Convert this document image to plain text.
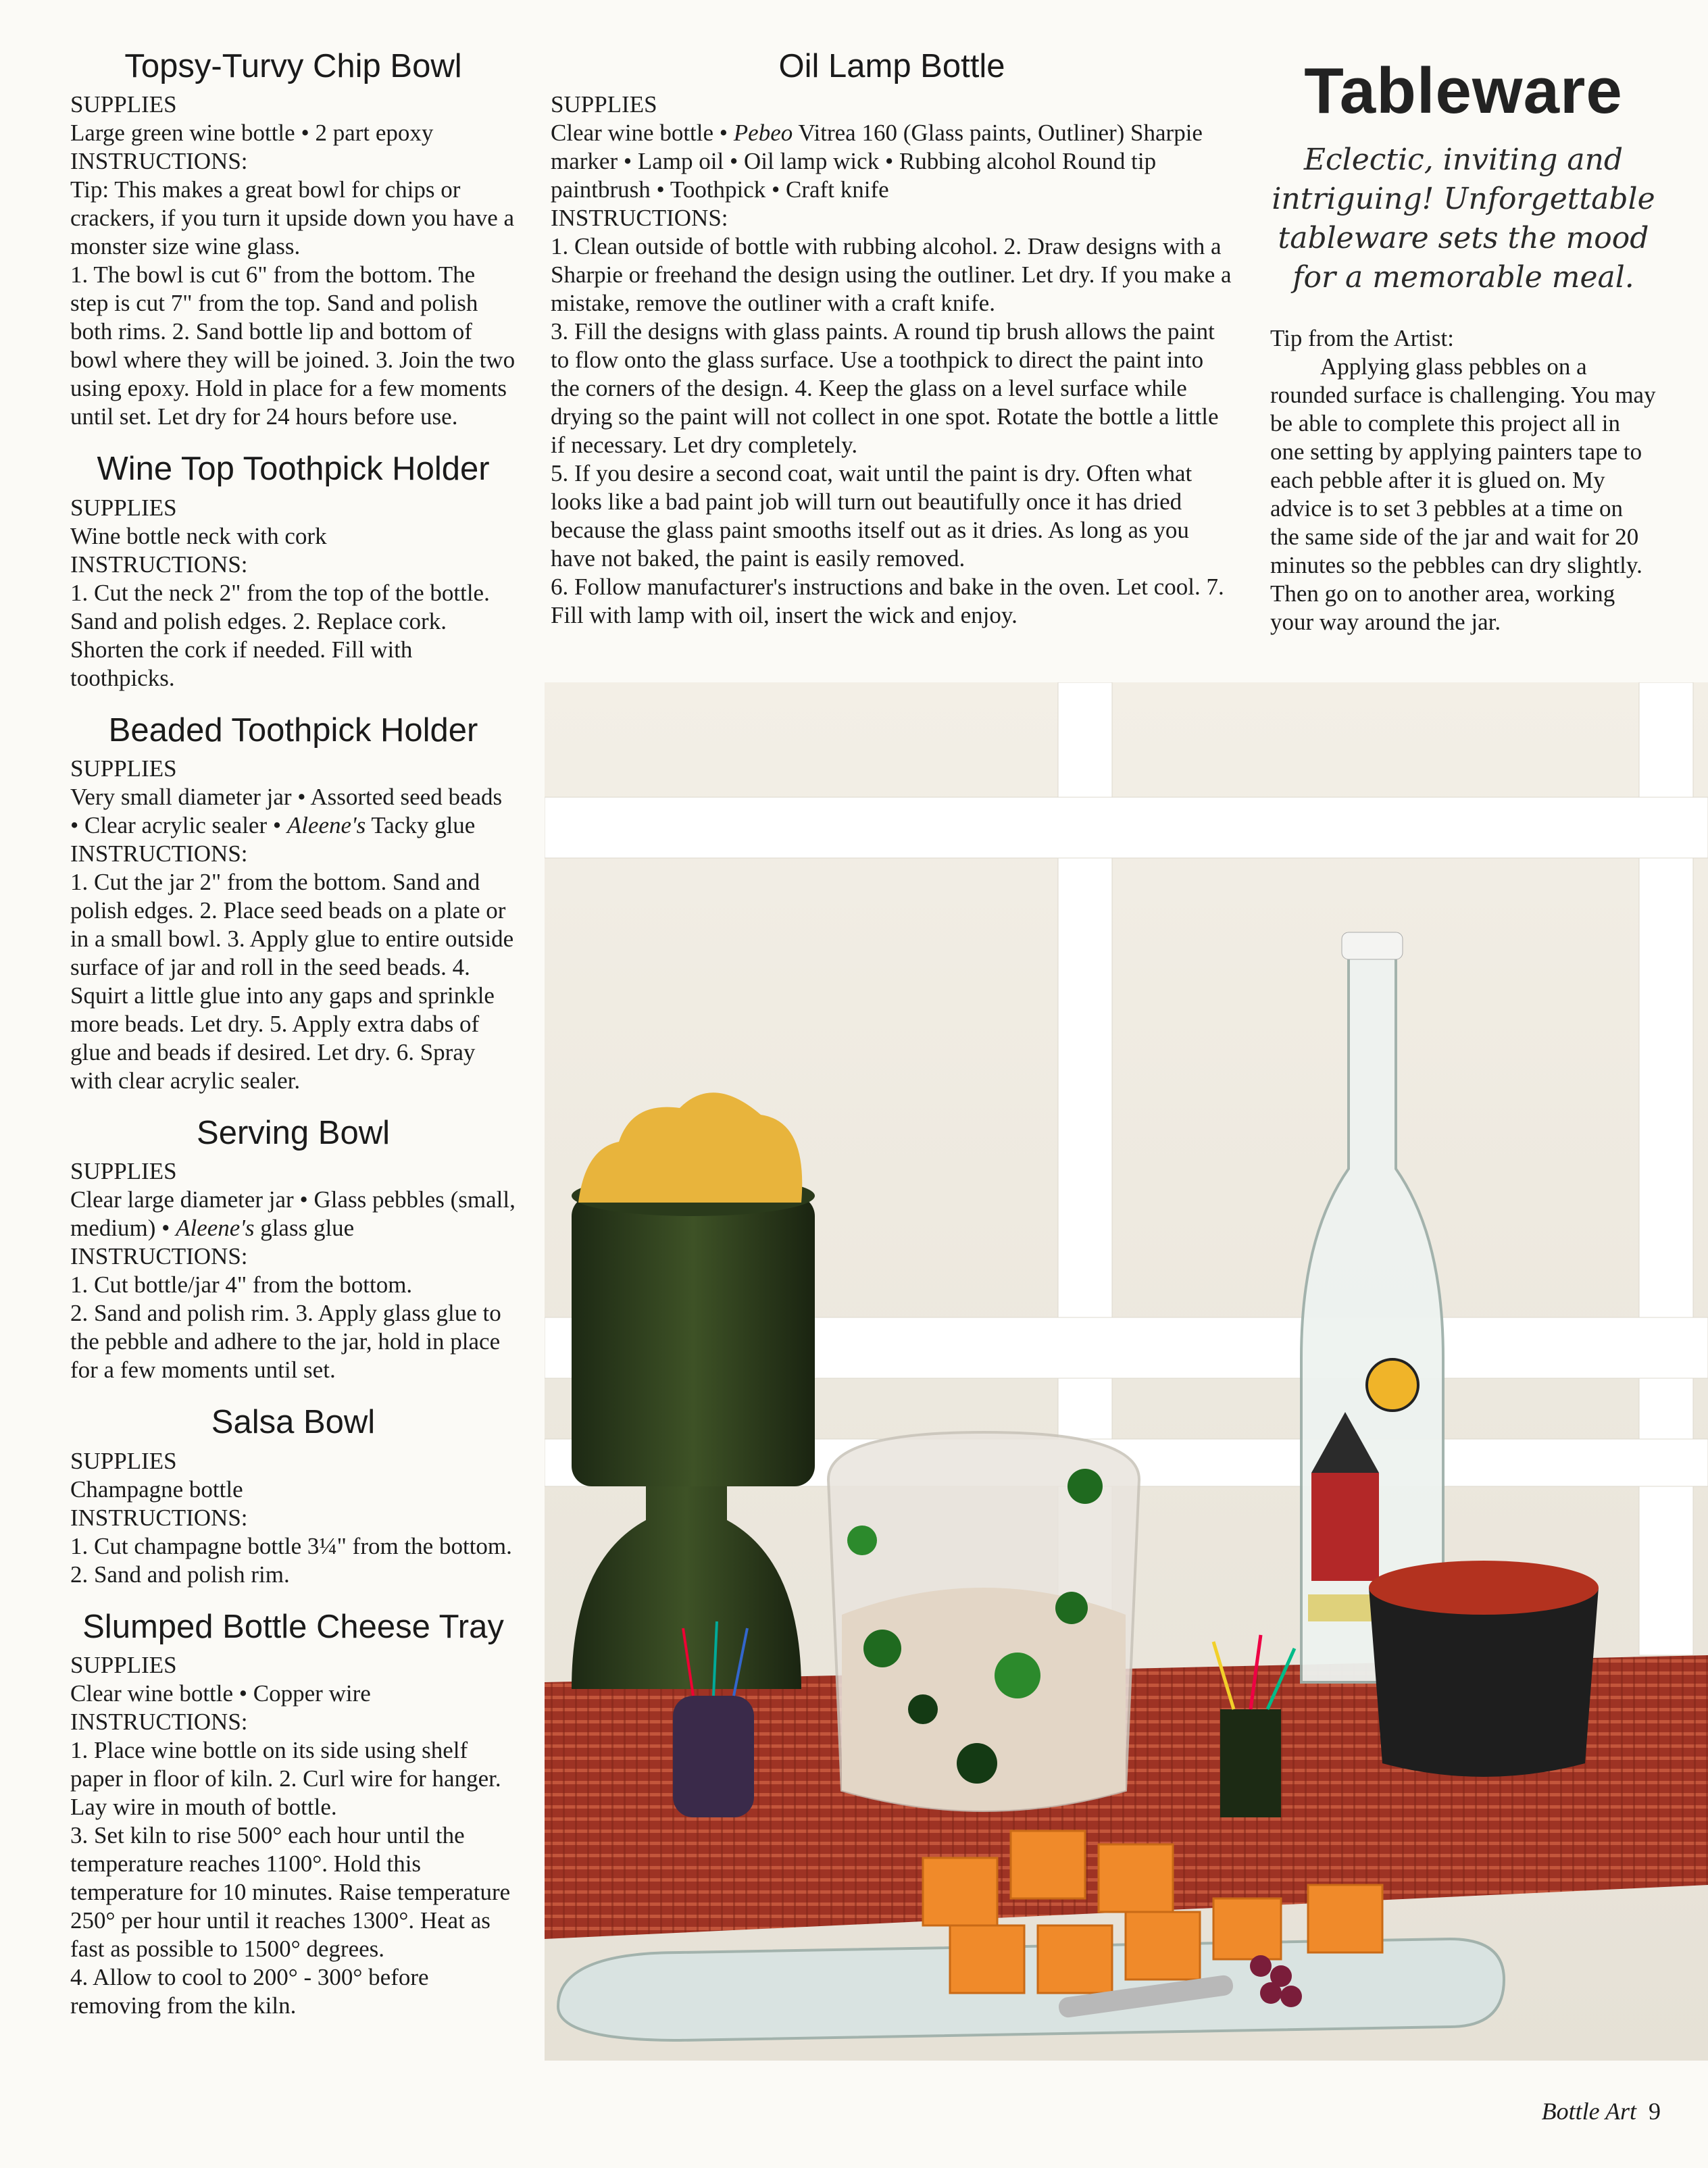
Topsy-Turvy Chip Bowl
SUPPLIES

Large green wine bottle • 2 part epoxy

INSTRUCTIONS:

Tip: This makes a great bowl for chips or crackers, if you turn it upside down you have a monster size wine glass.
1. The bowl is cut 6" from the bottom. The step is cut 7" from the top. Sand and polish both rims. 2. Sand bottle lip and bottom of bowl where they will be joined. 3. Join the two using epoxy. Hold in place for a few moments until set. Let dry for 24 hours before use.

Wine Top Toothpick Holder
SUPPLIES

Wine bottle neck with cork

INSTRUCTIONS:

1. Cut the neck 2" from the top of the bottle. Sand and polish edges. 2. Replace cork. Shorten the cork if needed. Fill with toothpicks.

Beaded Toothpick Holder
SUPPLIES

Very small diameter jar • Assorted seed beads • Clear acrylic sealer • Aleene's Tacky glue

INSTRUCTIONS:

1. Cut the jar 2" from the bottom. Sand and polish edges. 2. Place seed beads on a plate or in a small bowl. 3. Apply glue to entire outside surface of jar and roll in the seed beads. 4. Squirt a little glue into any gaps and sprinkle more beads. Let dry. 5. Apply extra dabs of glue and beads if desired. Let dry. 6. Spray with clear acrylic sealer.

Serving Bowl
SUPPLIES

Clear large diameter jar • Glass pebbles (small, medium) • Aleene's glass glue

INSTRUCTIONS:

1. Cut bottle/jar 4" from the bottom.
2. Sand and polish rim. 3. Apply glass glue to the pebble and adhere to the jar, hold in place for a few moments until set.

Salsa Bowl
SUPPLIES

Champagne bottle

INSTRUCTIONS:

1. Cut champagne bottle 3¼" from the bottom. 2. Sand and polish rim.

Slumped Bottle Cheese Tray
SUPPLIES

Clear wine bottle • Copper wire

INSTRUCTIONS:

1. Place wine bottle on its side using shelf paper in floor of kiln. 2. Curl wire for hanger. Lay wire in mouth of bottle.
3. Set kiln to rise 500° each hour until the temperature reaches 1100°. Hold this temperature for 10 minutes. Raise temperature 250° per hour until it reaches 1300°. Heat as fast as possible to 1500° degrees.
4. Allow to cool to 200° - 300° before removing from the kiln.

Oil Lamp Bottle
SUPPLIES

Clear wine bottle • Pebeo Vitrea 160 (Glass paints, Outliner) Sharpie marker • Lamp oil • Oil lamp wick • Rubbing alcohol Round tip paintbrush • Toothpick • Craft knife

INSTRUCTIONS:

1. Clean outside of bottle with rubbing alcohol. 2. Draw designs with a Sharpie or freehand the design using the outliner. Let dry. If you make a mistake, remove the outliner with a craft knife.
3. Fill the designs with glass paints. A round tip brush allows the paint to flow onto the glass surface. Use a toothpick to direct the paint into the corners of the design. 4. Keep the glass on a level surface while drying so the paint will not collect in one spot. Rotate the bottle a little if necessary. Let dry completely.
5. If you desire a second coat, wait until the paint is dry. Often what looks like a bad paint job will turn out beautifully once it has dried because the glass paint smooths itself out as it dries. As long as you have not baked, the paint is easily removed.
6. Follow manufacturer's instructions and bake in the oven. Let cool. 7. Fill with lamp with oil, insert the wick and enjoy.

Tableware

Eclectic, inviting and intriguing! Unforgettable tableware sets the mood for a memorable meal.

Tip from the Artist:

Applying glass pebbles on a rounded surface is challenging. You may be able to complete this project all in one setting by applying painters tape to each pebble after it is glued on. My advice is to set 3 pebbles at a time on the same side of the jar and wait for 20 minutes so the pebbles can dry slightly. Then go on to another area, working your way around the jar.

Bottle Art 9
